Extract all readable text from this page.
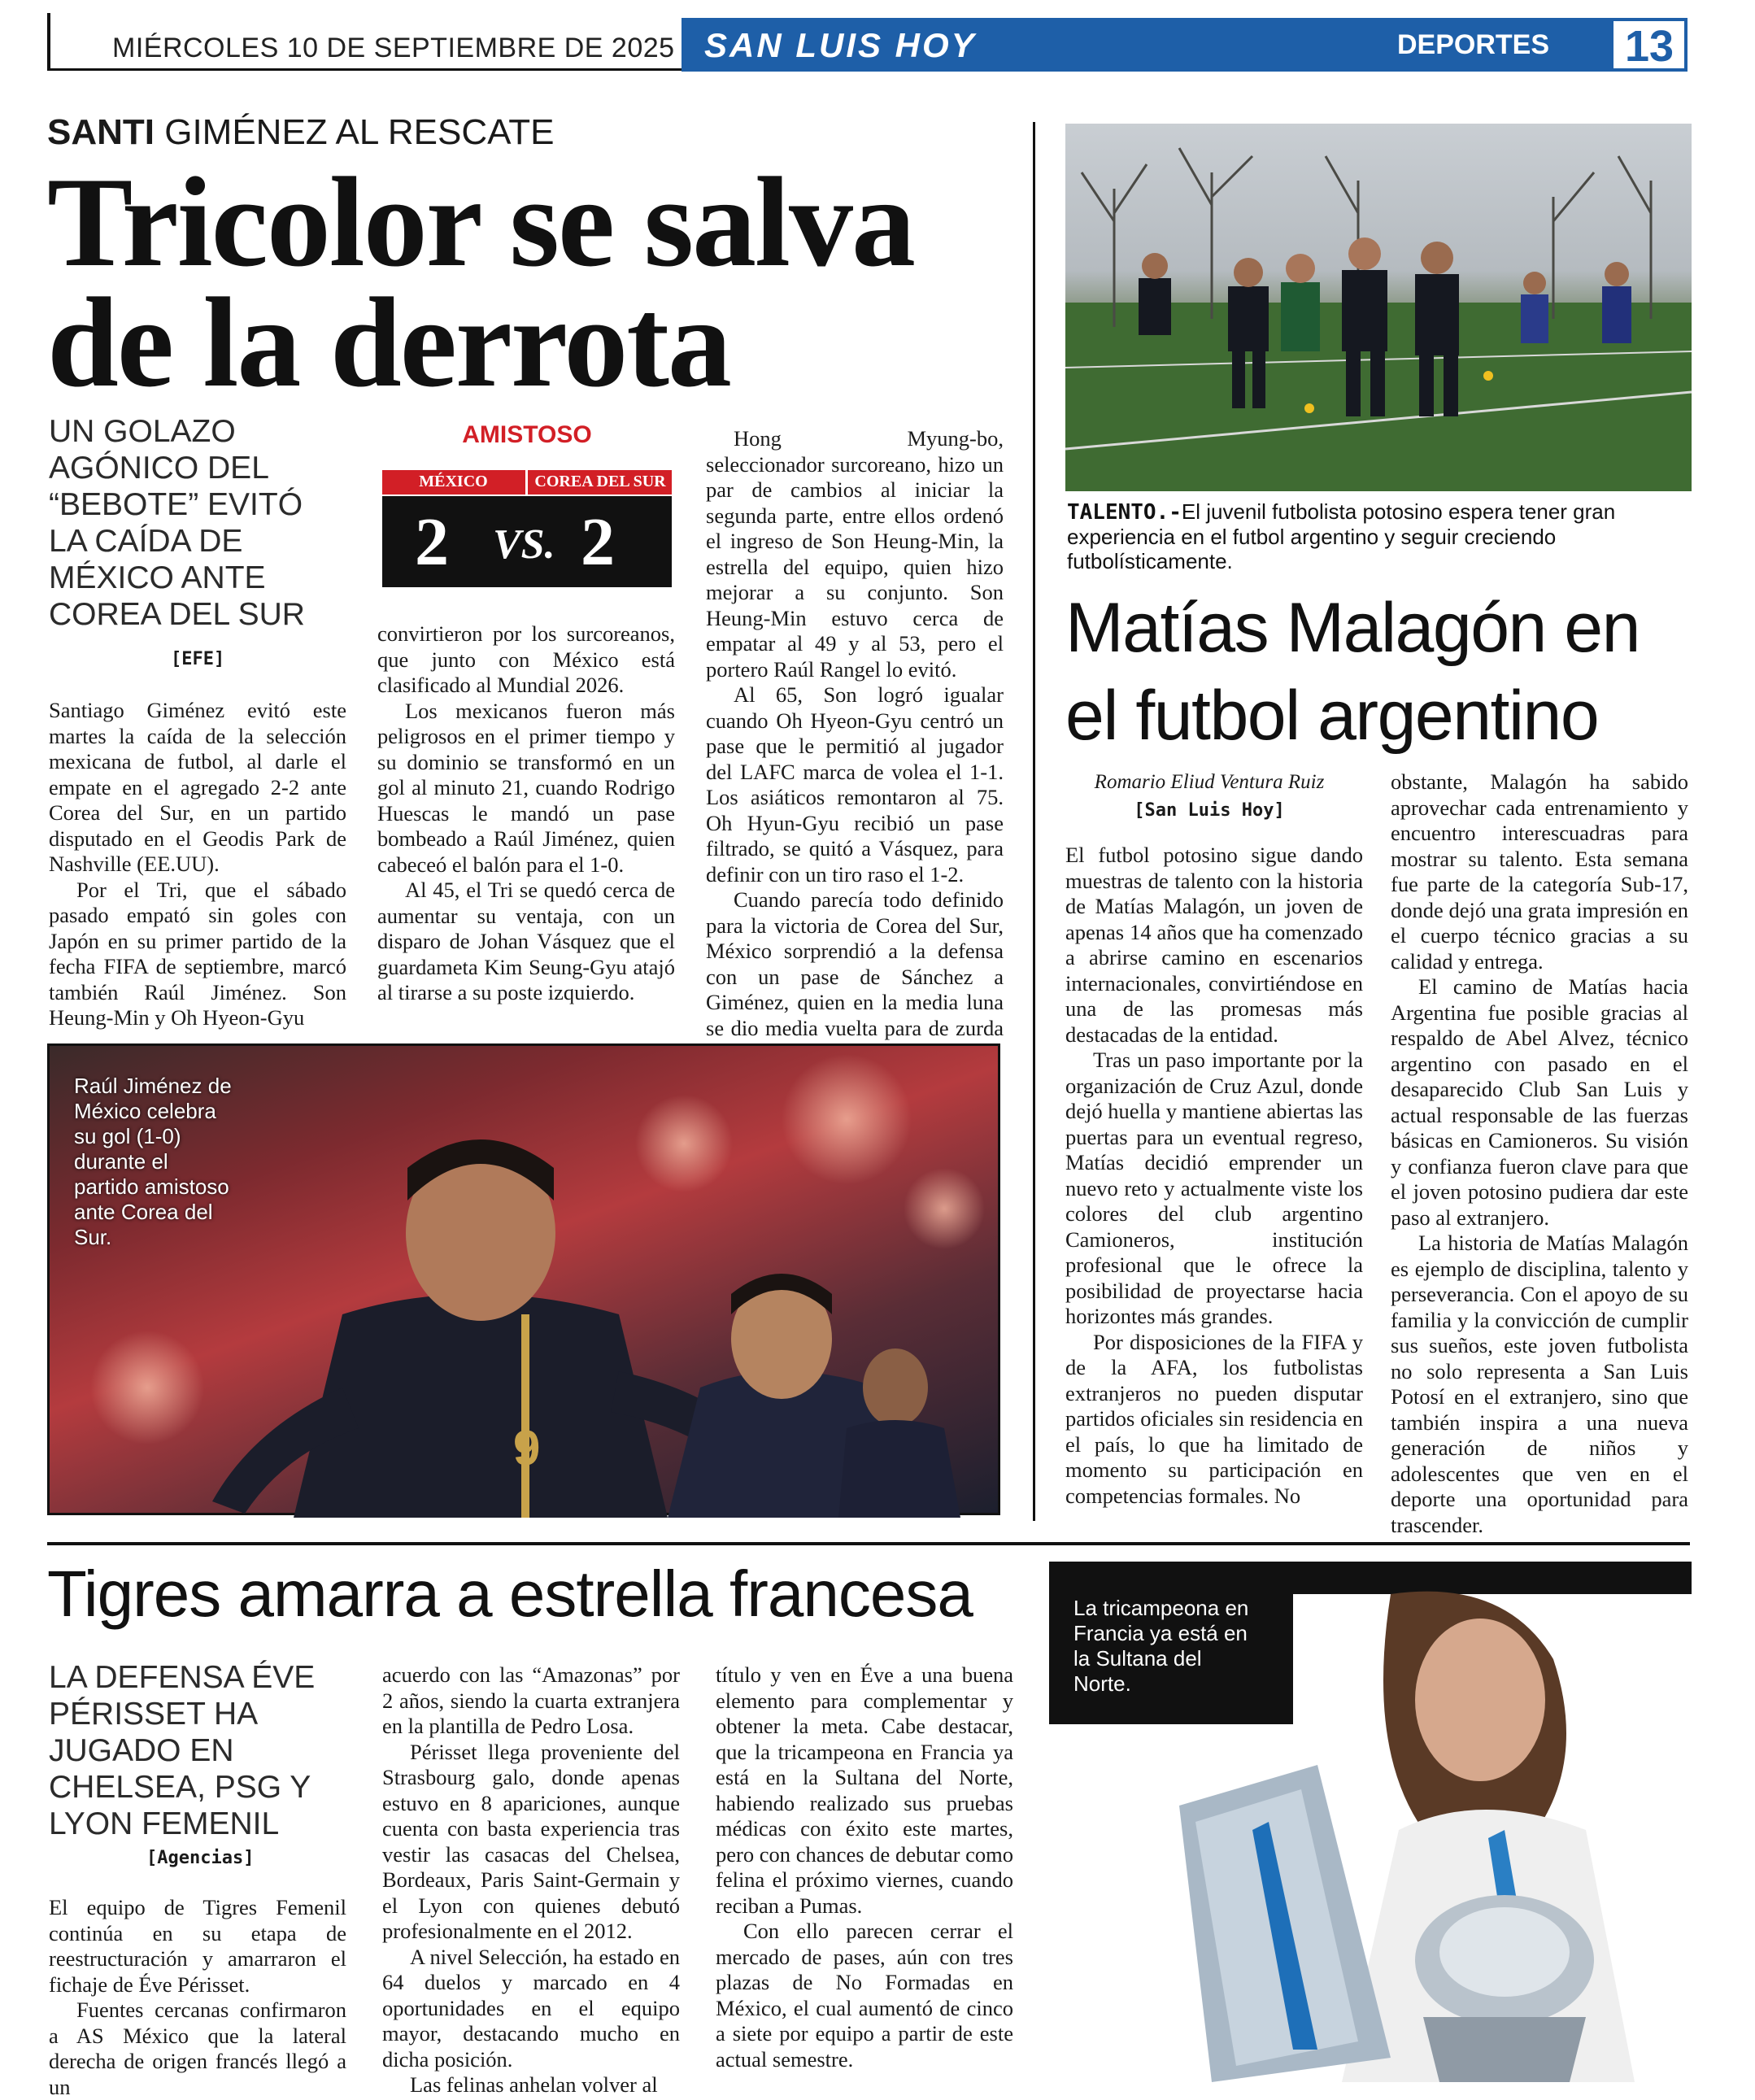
MIÉRCOLES 10 DE SEPTIEMBRE DE 2025 SAN LUIS HOY	DEPORTES 13
SANTI GIMÉNEZ AL RESCATE
Tricolor se salva
de la derrota
UN GOLAZO AGÓNICO DEL “BEBOTE” EVITÓ LA CAÍDA DE MÉXICO ANTE COREA DEL SUR
[EFE]

Santiago Giménez evitó este martes la caída de la selección mexicana de futbol, al darle el empate en el agregado 2-2 ante Corea del Sur, en un partido disputado en el Geodis Park de Nashville (EE.UU).

Por el Tri, que el sábado pasado empató sin goles con Japón en su primer partido de la fecha FIFA de septiembre, marcó también Raúl Jiménez. Son Heung-Min y Oh Hyeon-Gyu

AMISTOSO
MÉXICO	COREA DEL SUR
2 VS. 2

convirtieron por los surcoreanos, que junto con México está clasificado al Mundial 2026.

Los mexicanos fueron más peligrosos en el primer tiempo y su dominio se transformó en un gol al minuto 21, cuando Rodrigo Huescas le mandó un pase bombeado a Raúl Jiménez, quien cabeceó el balón para el 1-0.

Al 45, el Tri se quedó cerca de aumentar su ventaja, con un disparo de Johan Vásquez que el guardameta Kim Seung-Gyu atajó al tirarse a su poste izquierdo.

Hong Myung-bo, seleccionador surcoreano, hizo un par de cambios al iniciar la segunda parte, entre ellos ordenó el ingreso de Son Heung-Min, la estrella del equipo, quien hizo mejorar a su conjunto. Son Heung-Min estuvo cerca de empatar al 49 y al 53, pero el portero Raúl Rangel lo evitó.

Al 65, Son logró igualar cuando Oh Hyeon-Gyu centró un pase que le permitió al jugador del LAFC marca de volea el 1-1. Los asiáticos remontaron al 75. Oh Hyun-Gyu recibió un pase filtrado, se quitó a Vásquez, para definir con un tiro raso el 1-2.

Cuando parecía todo definido para la victoria de Corea del Sur, México sorprendió a la defensa con un pase de Sánchez a Giménez, quien en la media luna se dio media vuelta para de zurda

9
Raúl Jiménez de México celebra su gol (1-0) durante el partido amistoso ante Corea del Sur.
TALENTO.-El juvenil futbolista potosino espera tener gran experiencia en el futbol argentino y seguir creciendo futbolísticamente.
Matías Malagón en el futbol argentino
Romario Eliud Ventura Ruiz
[San Luis Hoy]

El futbol potosino sigue dando muestras de talento con la historia de Matías Malagón, un joven de apenas 14 años que ha comenzado a abrirse camino en escenarios internacionales, convirtiéndose en una de las promesas más destacadas de la entidad.

Tras un paso importante por la organización de Cruz Azul, donde dejó huella y mantiene abiertas las puertas para un eventual regreso, Matías decidió emprender un nuevo reto y actualmente viste los colores del club argentino Camioneros, institución profesional que le ofrece la posibilidad de proyectarse hacia horizontes más grandes.

Por disposiciones de la FIFA y de la AFA, los futbolistas extranjeros no pueden disputar partidos oficiales sin residencia en el país, lo que ha limitado de momento su participación en competencias formales. No

obstante, Malagón ha sabido aprovechar cada entrenamiento y encuentro interescuadras para mostrar su talento. Esta semana fue parte de la categoría Sub-17, donde dejó una grata impresión en el cuerpo técnico gracias a su calidad y entrega.

El camino de Matías hacia Argentina fue posible gracias al respaldo de Abel Alvez, técnico argentino con pasado en el desaparecido Club San Luis y actual responsable de las fuerzas básicas en Camioneros. Su visión y confianza fueron clave para que el joven potosino pudiera dar este paso al extranjero.

La historia de Matías Malagón es ejemplo de disciplina, talento y perseverancia. Con el apoyo de su familia y la convicción de cumplir sus sueños, este joven futbolista no solo representa a San Luis Potosí en el extranjero, sino que también inspira a una nueva generación de niños y adolescentes que ven en el deporte una oportunidad para trascender.

Tigres amarra a estrella francesa
LA DEFENSA ÉVE PÉRISSET HA JUGADO EN CHELSEA, PSG Y LYON FEMENIL
[Agencias]

El equipo de Tigres Femenil continúa en su etapa de reestructuración y amarraron el fichaje de Éve Périsset.

Fuentes cercanas confirmaron a AS México que la lateral derecha de origen francés llegó a un

acuerdo con las “Amazonas” por 2 años, siendo la cuarta extranjera en la plantilla de Pedro Losa.

Périsset llega proveniente del Strasbourg galo, donde apenas estuvo en 8 apariciones, aunque cuenta con basta experiencia tras vestir las casacas del Chelsea, Bordeaux, Paris Saint-Germain y el Lyon con quienes debutó profesionalmente en el 2012.

A nivel Selección, ha estado en 64 duelos y marcado en 4 oportunidades en el equipo mayor, destacando mucho en dicha posición.

Las felinas anhelan volver al

título y ven en Éve a una buena elemento para complementar y obtener la meta. Cabe destacar, que la tricampeona en Francia ya está en la Sultana del Norte, habiendo realizado sus pruebas médicas con éxito este martes, pero con chances de debutar como felina el próximo viernes, cuando reciban a Pumas.

Con ello parecen cerrar el mercado de pases, aún con tres plazas de No Formadas en México, el cual aumentó de cinco a siete por equipo a partir de este actual semestre.

La tricampeona en Francia ya está en la Sultana del Norte.
